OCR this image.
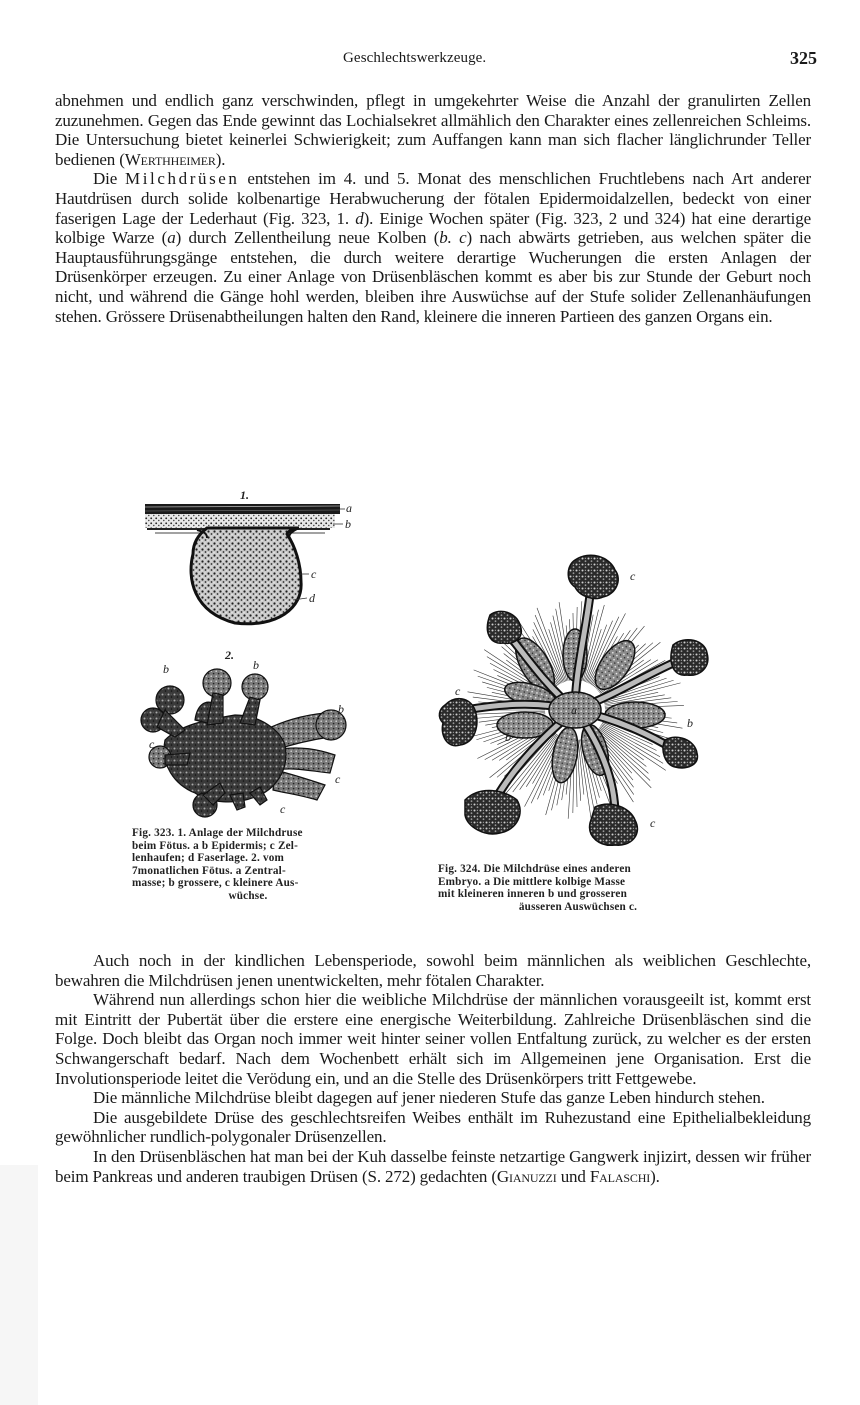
Geschlechtswerkzeuge.	325

abnehmen und endlich ganz verschwinden, pflegt in umgekehrter Weise die Anzahl der granulirten Zellen zuzunehmen. Gegen das Ende gewinnt das Lochialsekret allmählich den Charakter eines zellenreichen Schleims. Die Untersuchung bietet keinerlei Schwierigkeit; zum Auffangen kann man sich flacher länglichrunder Teller bedienen (Werthheimer).

Die Milchdrüsen entstehen im 4. und 5. Monat des menschlichen Fruchtlebens nach Art anderer Hautdrüsen durch solide kolbenartige Herabwucherung der fötalen Epidermoidalzellen, bedeckt von einer faserigen Lage der Lederhaut (Fig. 323, 1. d). Einige Wochen später (Fig. 323, 2 und 324) hat eine derartige kolbige Warze (a) durch Zellentheilung neue Kolben (b. c) nach abwärts getrieben, aus welchen später die Hauptausführungsgänge entstehen, die durch weitere derartige Wucherungen die ersten Anlagen der Drüsenkörper erzeugen. Zu einer Anlage von Drüsenbläschen kommt es aber bis zur Stunde der Geburt noch nicht, und während die Gänge hohl werden, bleiben ihre Auswüchse auf der Stufe solider Zellenanhäufungen stehen. Grössere Drüsenabtheilungen halten den Rand, kleinere die inneren Partieen des ganzen Organs ein.

1.
a
b
c
d
2.
b	b
b
c
c
c
Fig. 323. 1. Anlage der Milchdruse
beim Fötus. a b Epidermis; c Zel-
lenhaufen; d Faserlage. 2. vom
7monatlichen Fötus. a Zentral-
masse; b grossere, c kleinere Aus-
wüchse.
c
c
b
b
c
a
Fig. 324. Die Milchdrüse eines anderen
Embryo. a Die mittlere kolbige Masse
mit kleineren inneren b und grosseren
äusseren Auswüchsen c.

Auch noch in der kindlichen Lebensperiode, sowohl beim männlichen als weiblichen Geschlechte, bewahren die Milchdrüsen jenen unentwickelten, mehr fötalen Charakter.

Während nun allerdings schon hier die weibliche Milchdrüse der männlichen vorausgeeilt ist, kommt erst mit Eintritt der Pubertät über die erstere eine energische Weiterbildung. Zahlreiche Drüsenbläschen sind die Folge. Doch bleibt das Organ noch immer weit hinter seiner vollen Entfaltung zurück, zu welcher es der ersten Schwangerschaft bedarf. Nach dem Wochenbett erhält sich im Allgemeinen jene Organisation. Erst die Involutionsperiode leitet die Verödung ein, und an die Stelle des Drüsenkörpers tritt Fettgewebe.

Die männliche Milchdrüse bleibt dagegen auf jener niederen Stufe das ganze Leben hindurch stehen.

Die ausgebildete Drüse des geschlechtsreifen Weibes enthält im Ruhezustand eine Epithelialbekleidung gewöhnlicher rundlich-polygonaler Drüsenzellen.

In den Drüsenbläschen hat man bei der Kuh dasselbe feinste netzartige Gangwerk injizirt, dessen wir früher beim Pankreas und anderen traubigen Drüsen (S. 272) gedachten (Gianuzzi und Falaschi).
